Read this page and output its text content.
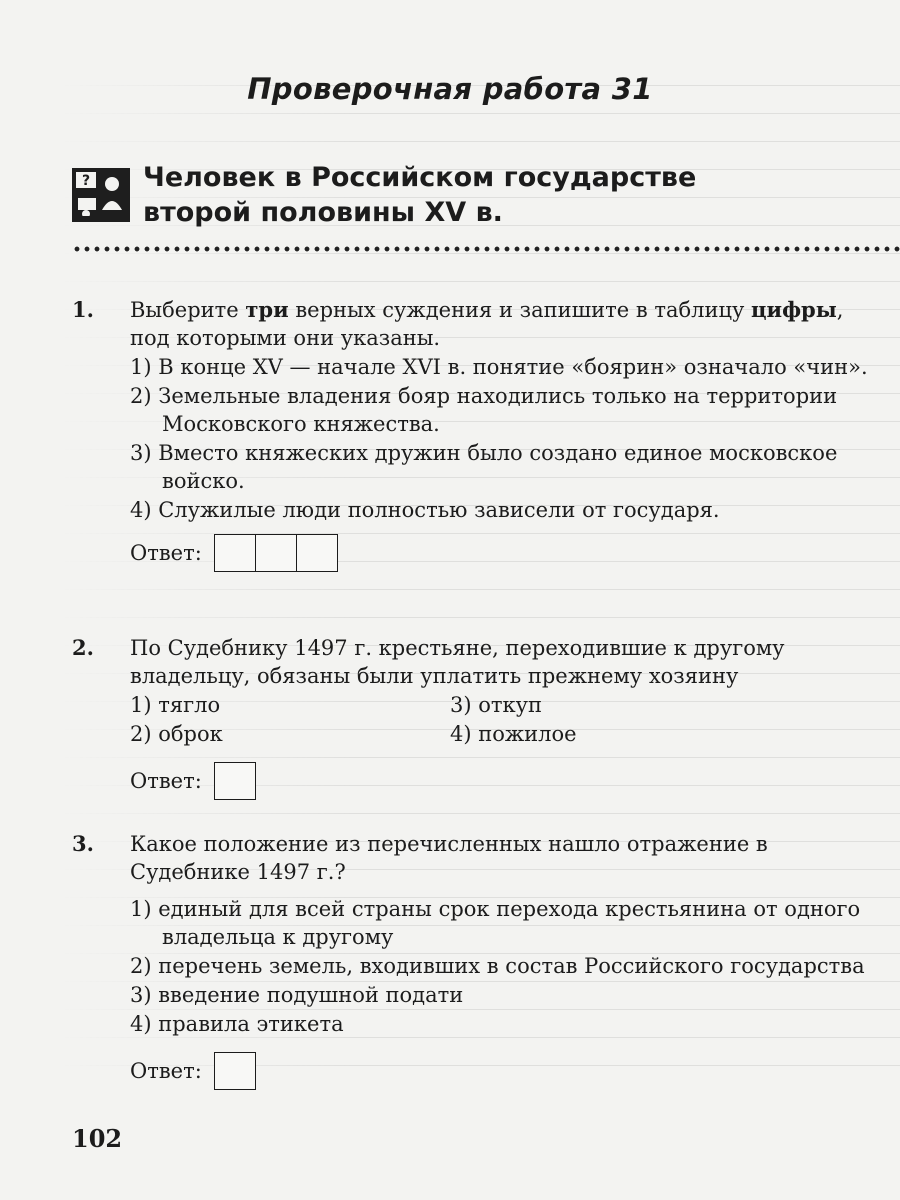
Проверочная работа 31
? Человек в Российском государстве
второй половины XV в.
1. Выберите три верных суждения и запишите в таблицу цифры, под которыми они указаны.
1) В конце XV — начале XVI в. понятие «боярин» означало «чин».
2) Земельные владения бояр находились только на территории Московского княжества.
3) Вместо княжеских дружин было создано единое московское войско.
4) Служилые люди полностью зависели от государя.
Ответ:
2. По Судебнику 1497 г. крестьяне, переходившие к другому владельцу, обязаны были уплатить прежнему хозяину
1) тягло	3) откуп
2) оброк	4) пожилое
Ответ:
3. Какое положение из перечисленных нашло отражение в Судебнике 1497 г.?
1) единый для всей страны срок перехода крестьянина от одного владельца к другому
2) перечень земель, входивших в состав Российского государства
3) введение подушной подати
4) правила этикета
Ответ:
102
